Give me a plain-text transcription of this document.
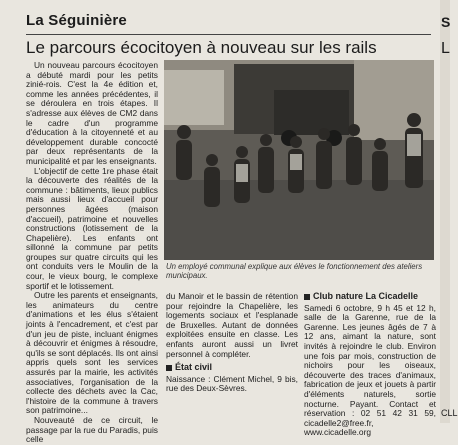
La Séguinière
Le parcours écocitoyen à nouveau sur les rails

Un nouveau parcours écocitoyen a débuté mardi pour les petits zinié-rois. C'est la 4e édition et, comme les années précédentes, il se déroulera en trois étapes. Il s'adresse aux élèves de CM2 dans le cadre d'un programme d'éducation à la citoyenneté et au développement durable concocté par deux représentants de la municipalité et par les enseignants.

L'objectif de cette 1re phase était la découverte des réalités de la commune : bâtiments, lieux publics mais aussi lieux d'accueil pour personnes âgées (maison d'accueil), patrimoine et nouvelles constructions (lotissement de la Chapelière). Les enfants ont sillonné la commune par petits groupes sur quatre circuits qui les ont conduits vers le Moulin de la cour, le vieux bourg, le complexe sportif et le lotissement.

Outre les parents et enseignants, les animateurs du centre d'animations et les élus s'étaient joints à l'encadrement, et c'est par d'un jeu de piste, incluant énigmes à découvrir et énigmes à résoudre, qu'ils se sont déplacés. Ils ont ainsi appris quels sont les services assurés par la mairie, les activités associatives, l'organisation de la collecte des déchets avec la Cac, l'histoire de la commune à travers son patrimoine...

Nouveauté de ce circuit, le passage par la rue du Paradis, puis celle

Un employé communal explique aux élèves le fonctionnement des ateliers municipaux.

du Manoir et le bassin de rétention pour rejoindre la Chapelière, les logements sociaux et l'esplanade de Bruxelles. Autant de données exploitées ensuite en classe. Les enfants auront aussi un livret personnel à compléter.

État civil

Naissance : Clément Michel, 9 bis, rue des Deux-Sèvres.

Club nature La Cicadelle

Samedi 6 octobre, 9 h 45 et 12 h, salle de la Garenne, rue de la Garenne. Les jeunes âgés de 7 à 12 ans, aimant la nature, sont invités à rejoindre le club. Environ une fois par mois, construction de nichoirs pour les oiseaux, découverte des traces d'animaux, fabrication de jeux et jouets à partir d'éléments naturels, sortie nocturne. Payant. Contact et réservation : 02 51 42 31 59, cicadelle2@free.fr, www.cicadelle.org

S
L
CLL
